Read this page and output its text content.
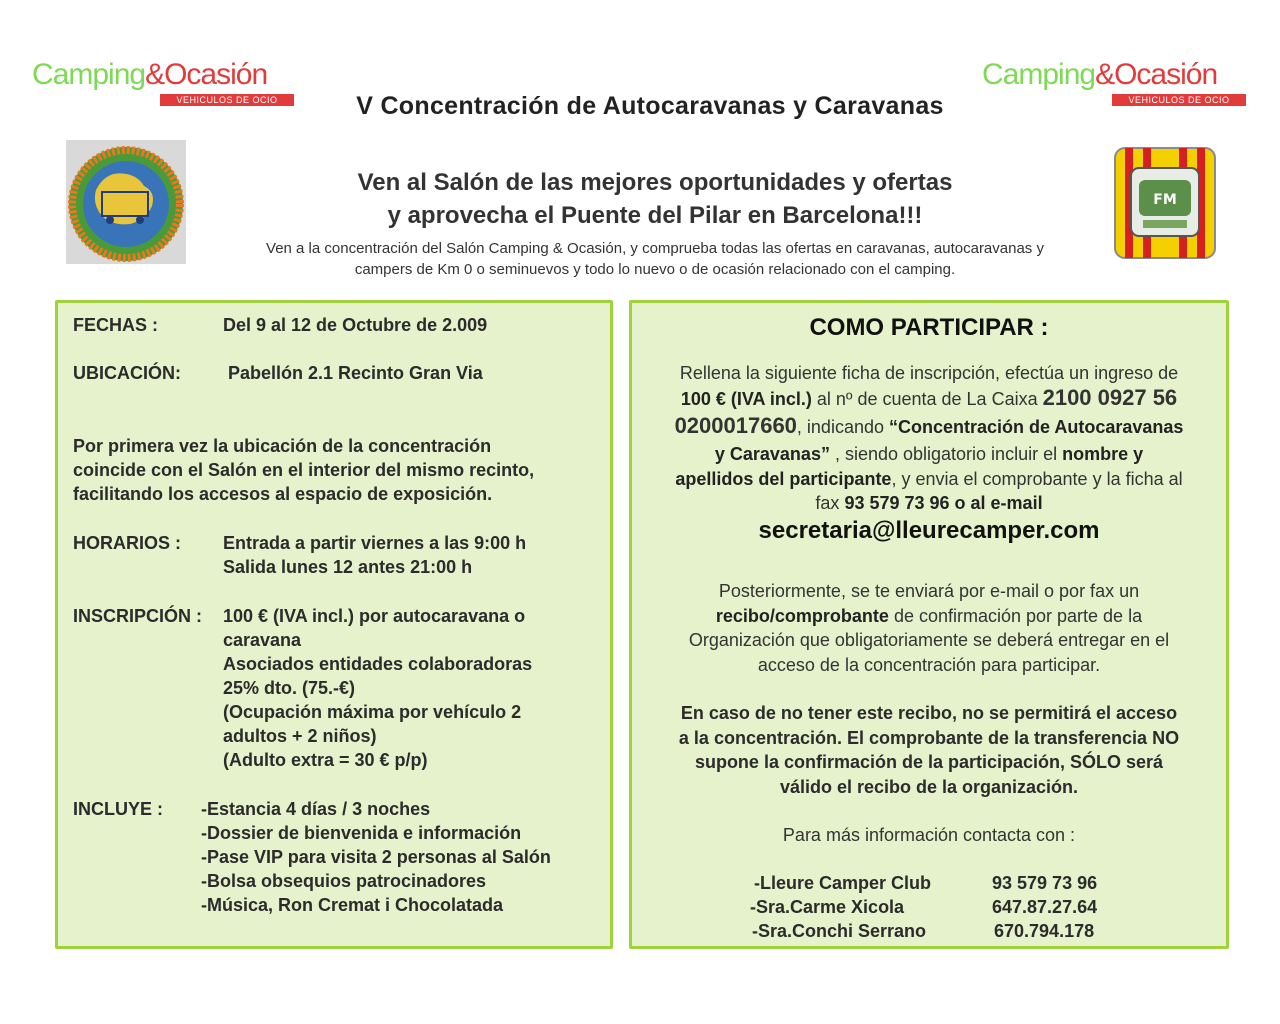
Camping&Ocasión
VEHICULOS DE OCIO
Camping&Ocasión
VEHICULOS DE OCIO
V Concentración de Autocaravanas y Caravanas
FM
Ven al Salón de las mejores oportunidades y ofertas
y aprovecha el Puente del Pilar en Barcelona!!!
Ven a la concentración del Salón Camping & Ocasión, y comprueba todas las ofertas en caravanas, autocaravanas y
campers de Km 0 o seminuevos y todo lo nuevo o de ocasión relacionado con el camping.
FECHAS :	Del 9 al 12 de Octubre de 2.009
UBICACIÓN:	Pabellón 2.1 Recinto Gran Via
Por primera vez la ubicación de la concentración
coincide con el Salón en el interior del mismo recinto,
facilitando los accesos al espacio de exposición.
HORARIOS : Entrada a partir viernes a las 9:00 h
Salida lunes 12 antes 21:00 h
INSCRIPCIÓN : 100 € (IVA incl.) por autocaravana o
caravana
Asociados entidades colaboradoras
25% dto. (75.-€)
(Ocupación máxima por vehículo 2
adultos + 2 niños)
(Adulto extra = 30 € p/p)
INCLUYE : -Estancia 4 días / 3 noches
-Dossier de bienvenida e información
-Pase VIP para visita 2 personas al Salón
-Bolsa obsequios patrocinadores
-Música, Ron Cremat i Chocolatada
COMO PARTICIPAR :
Rellena la siguiente ficha de inscripción, efectúa un ingreso de
100 € (IVA incl.) al nº de cuenta de La Caixa 2100 0927 56
0200017660, indicando “Concentración de Autocaravanas
y Caravanas” , siendo obligatorio incluir el nombre y
apellidos del participante, y envia el comprobante y la ficha al
fax 93 579 73 96 o al e-mail
secretaria@lleurecamper.com
Posteriormente, se te enviará por e-mail o por fax un
recibo/comprobante de confirmación por parte de la
Organización que obligatoriamente se deberá entregar en el
acceso de la concentración para participar.
En caso de no tener este recibo, no se permitirá el acceso
a la concentración. El comprobante de la transferencia NO
supone la confirmación de la participación, SÓLO será
válido el recibo de la organización.
Para más información contacta con :
-Lleure Camper Club	93 579 73 96
-Sra.Carme Xicola	647.87.27.64
-Sra.Conchi Serrano	670.794.178
